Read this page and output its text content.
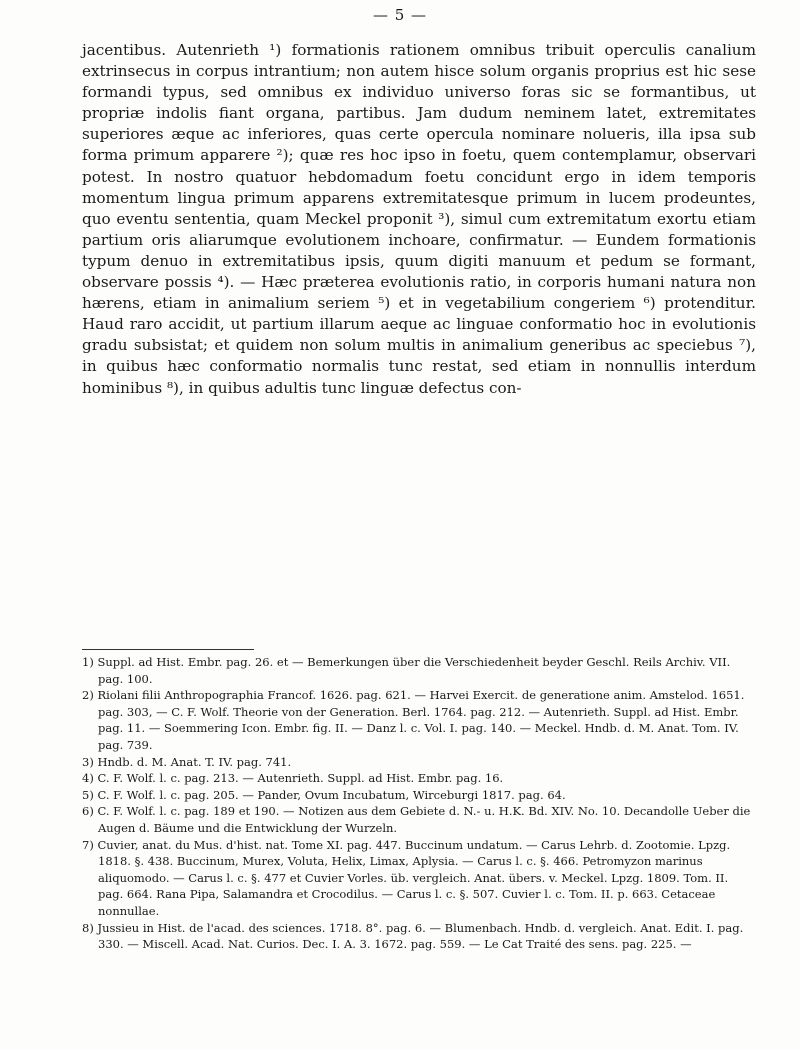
— 5 —

jacentibus. Autenrieth ¹) formationis rationem omnibus tribuit operculis canalium extrinsecus in corpus intrantium; non autem hisce solum organis proprius est hic sese formandi typus, sed omnibus ex individuo universo foras sic se formantibus, ut propriæ indolis fiant organa, partibus. Jam dudum neminem latet, extremitates superiores æque ac inferiores, quas certe opercula nominare nolueris, illa ipsa sub forma primum apparere ²); quæ res hoc ipso in foetu, quem contemplamur, observari potest. In nostro quatuor hebdomadum foetu concidunt ergo in idem temporis momentum lingua primum apparens extremitatesque primum in lucem prodeuntes, quo eventu sententia, quam Meckel proponit ³), simul cum extremitatum exortu etiam partium oris aliarumque evolutionem inchoare, confirmatur. — Eundem formationis typum denuo in extremitatibus ipsis, quum digiti manuum et pedum se formant, observare possis ⁴). — Hæc præterea evolutionis ratio, in corporis humani natura non hærens, etiam in animalium seriem ⁵) et in vegetabilium congeriem ⁶) protenditur. Haud raro accidit, ut partium illarum aeque ac linguae conformatio hoc in evolutionis gradu subsistat; et quidem non solum multis in animalium generibus ac speciebus ⁷), in quibus hæc conformatio normalis tunc restat, sed etiam in nonnullis interdum hominibus ⁸), in quibus adultis tunc linguæ defectus con-

1) Suppl. ad Hist. Embr. pag. 26. et — Bemerkungen über die Verschiedenheit beyder Geschl. Reils Archiv. VII. pag. 100.
2) Riolani filii Anthropographia Francof. 1626. pag. 621. — Harvei Exercit. de generatione anim. Amstelod. 1651. pag. 303, — C. F. Wolf. Theorie von der Generation. Berl. 1764. pag. 212. — Autenrieth. Suppl. ad Hist. Embr. pag. 11. — Soemmering Icon. Embr. fig. II. — Danz l. c. Vol. I. pag. 140. — Meckel. Hndb. d. M. Anat. Tom. IV. pag. 739.
3) Hndb. d. M. Anat. T. IV. pag. 741.
4) C. F. Wolf. l. c. pag. 213. — Autenrieth. Suppl. ad Hist. Embr. pag. 16.
5) C. F. Wolf. l. c. pag. 205. — Pander, Ovum Incubatum, Wirceburgi 1817. pag. 64.
6) C. F. Wolf. l. c. pag. 189 et 190. — Notizen aus dem Gebiete d. N.- u. H.K. Bd. XIV. No. 10. Decandolle Ueber die Augen d. Bäume und die Entwicklung der Wurzeln.
7) Cuvier, anat. du Mus. d'hist. nat. Tome XI. pag. 447. Buccinum undatum. — Carus Lehrb. d. Zootomie. Lpzg. 1818. §. 438. Buccinum, Murex, Voluta, Helix, Limax, Aplysia. — Carus l. c. §. 466. Petromyzon marinus aliquomodo. — Carus l. c. §. 477 et Cuvier Vorles. üb. vergleich. Anat. übers. v. Meckel. Lpzg. 1809. Tom. II. pag. 664. Rana Pipa, Salamandra et Crocodilus. — Carus l. c. §. 507. Cuvier l. c. Tom. II. p. 663. Cetaceae nonnullae.
8) Jussieu in Hist. de l'acad. des sciences. 1718. 8°. pag. 6. — Blumenbach. Hndb. d. vergleich. Anat. Edit. I. pag. 330. — Miscell. Acad. Nat. Curios. Dec. I. A. 3. 1672. pag. 559. — Le Cat Traité des sens. pag. 225. —
